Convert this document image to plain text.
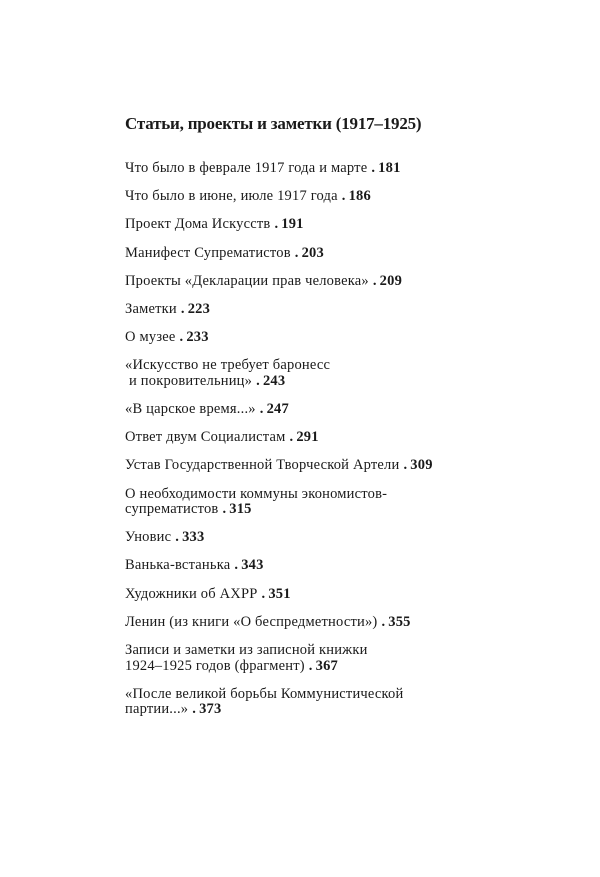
Статьи, проекты и заметки (1917–1925)
Что было в феврале 1917 года и марте . 181
Что было в июне, июле 1917 года . 186
Проект Дома Искусств . 191
Манифест Супрематистов . 203
Проекты «Декларации прав человека» . 209
Заметки . 223
О музее . 233
«Искусство не требует баронесс
и покровительниц» . 243
«В царское время...» . 247
Ответ двум Социалистам . 291
Устав Государственной Творческой Артели . 309
О необходимости коммуны экономистов-
супрематистов . 315
Уновис . 333
Ванька-встанька . 343
Художники об АХРР . 351
Ленин (из книги «О беспредметности») . 355
Записи и заметки из записной книжки
1924–1925 годов (фрагмент) . 367
«После великой борьбы Коммунистической
партии...» . 373
